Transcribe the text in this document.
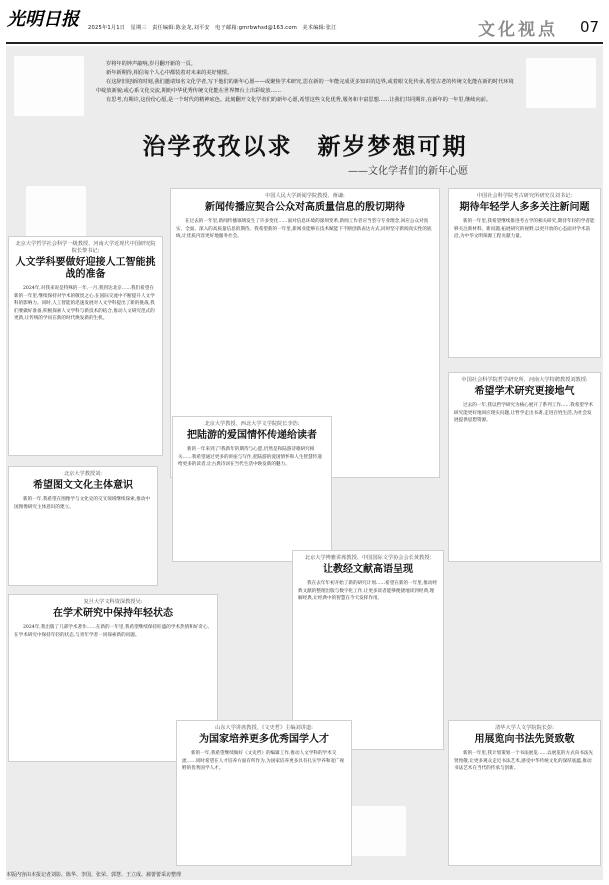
光明日报	2025年1月1日　星期三　责任编辑:陈金龙,刘平安　电子邮箱:gmrbwhsd@163.com　美术编辑:张江	文化视点 07

岁将年的钟声敲响,岁月翻开新的一页。

新年新期待,相信每个人心中都装着对未来的美好憧憬。

在这辞旧迎新的时刻,我们邀请知名文化学者,写下他们的新年心愿——或聚焦学术研究,思在新的一年能完成更多知识的边界,或着眼文化传承,希望古老的传统文化能在新的时代环境中绽放新貌;或心系文化交流,期盼中华优秀传统文化能在世界舞台上出彩绽放……

有思考,有期许,这份份心愿,是一个时代的精神底色。此刻翻开文化学者们的新年心愿,希望这些文化优秀,服务和丰富思想……让我们共同期许,在新年的一年里,继续向前。

治学孜孜以求　新岁梦想可期
——文化学者们的新年心愿

北京大学哲学社会科学一级教授、河南大学近现代中国研究院院长黎书记:

人文学科要做好迎接人工智能挑战的准备

2024年,对我来说是特殊的一年,一月,我到达北京……我们希望在新的一年里,继续保持对学术的敬畏之心,在国际交流中不断提升人文学科的影响力。同时,人工智能的迅速发展对人文学科提出了新的挑战,我们要做好准备,积极探索人文学科与新技术的结合,推动人文研究范式的更新,让传统的学问在新的时代焕发新的生机。

中国人民大学新闻学院教授、蒋谦:

新闻传播应契合公众对高质量信息的殷切期待

在过去的一年里,新闻传播领域发生了许多变化……面对信息环境的深刻变革,新闻工作者应当坚守专业理念,回应公众对真实、全面、深入的高质量信息的期待。我希望新的一年里,新闻业能够在技术赋能下不断创新表达方式,同时坚守新闻真实性的底线,让优质内容更好地服务社会。

中国社会科学院考古研究所研究员刘书记:

期待年轻学人多多关注新问题

新的一年里,我希望继续推进考古学的相关研究,期待年轻的学者能够关注新材料、新问题,拓展研究的视野,以更开放的心态面对学术前沿,为中华文明探源工程贡献力量。

中国社会科学院哲学研究所、河南大学特聘教授刘教授:

希望学术研究更接地气

过去的一年,我以哲学研究为核心展开了系列工作……我希望学术研究能更好地回应现实问题,让哲学走出书斋,走进百姓生活,为社会发展提供思想资源。

北京大学教授、西北大学文学院院长李浩:

把陆游的爱国情怀传递给读者

新的一年来到了!我新年的期待与心愿,仍然是和陆游诗歌研究相关……我希望通过更多的讲座与写作,把陆游的爱国情怀和人生智慧传递给更多的读者,让古典诗词在当代生活中焕发新的魅力。

北京大学教授刘:

希望图文文化主体意识

新的一年,我希望在图像学与文化史的交叉领域继续探索,推动中国图像研究主体意识的建立。

北京大学博雅讲席教授、中国国际文学协会会长黄教授:

让教经文献高语呈现

我在去年年初开始了新的研究计划……希望在新的一年里,推动经典文献的整理出版与数字化工作,让更多读者能够便捷地读到经典,理解经典,让经典中的智慧在今天发挥作用。

复旦大学文科资深教授吴:

在学术研究中保持年轻状态

2024年,我出版了几部学术著作……在新的一年里,我希望继续保持旺盛的学术热情和好奇心,在学术研究中保持年轻的状态,与青年学者一同探索新的问题。

山东大学讲席教授、《文史哲》主编刘讲道:

为国家培养更多优秀国学人才

新的一年,我希望继续做好《文史哲》的编辑工作,推动人文学科的学术交流……同时希望在人才培养方面有所作为,为国家培养更多具有扎实学养和宽广视野的优秀国学人才。

清华大学人文学院院长彭:

用展览向书法先贤致敬

新的一年里,我计划策划一个书法展览……以展览的方式向书法先贤致敬,让更多观众走近书法艺术,感受中华传统文化的深厚底蕴,推动书法艺术在当代的传承与创新。

本版内容由本报记者刘影、陈华、李国、张荣、郭慧、王立成、郝蕾蕾采访整理
